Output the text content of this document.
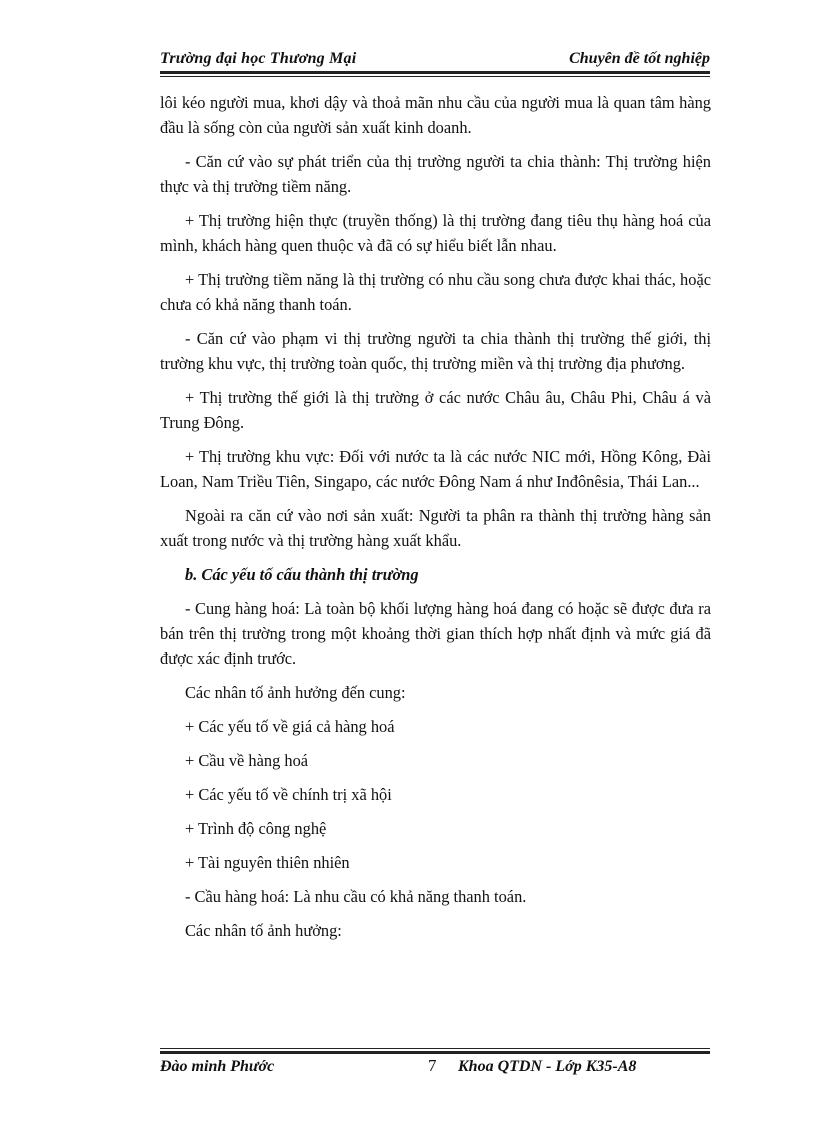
Trường đại học Thương Mại	Chuyên đề tốt nghiệp

lôi kéo người mua, khơi dậy và thoả mãn nhu cầu của người mua là quan tâm hàng đầu là sống còn của người sản xuất kinh doanh.

- Căn cứ vào sự phát triển của thị trường người ta chia thành: Thị trường hiện thực và thị trường tiềm năng.

+ Thị trường hiện thực (truyền thống) là thị trường đang tiêu thụ hàng hoá của mình, khách hàng quen thuộc và đã có sự hiểu biết lẫn nhau.

+ Thị trường tiềm năng là thị trường có nhu cầu song chưa được khai thác, hoặc chưa có khả năng thanh toán.

- Căn cứ vào phạm vi thị trường người ta chia thành thị trường thế giới, thị trường khu vực, thị trường toàn quốc, thị trường miền và thị trường địa phương.

+ Thị trường thế giới là thị trường ở các nước Châu âu, Châu Phi, Châu á và Trung Đông.

+ Thị trường khu vực: Đối với nước ta là các nước NIC mới, Hồng Kông, Đài Loan, Nam Triều Tiên, Singapo, các nước Đông Nam á như Inđônêsia, Thái Lan...

Ngoài ra căn cứ vào nơi sản xuất: Người ta phân ra thành thị trường hàng sản xuất trong nước và thị trường hàng xuất khẩu.

b. Các yếu tố cấu thành thị trường

- Cung hàng hoá: Là toàn bộ khối lượng hàng hoá đang có hoặc sẽ được đưa ra bán trên thị trường trong một khoảng thời gian thích hợp nhất định và mức giá đã được xác định trước.

Các nhân tố ảnh hưởng đến cung:

+ Các yếu tố về giá cả hàng hoá

+ Cầu về hàng hoá

+ Các yếu tố về chính trị xã hội

+ Trình độ công nghệ

+ Tài nguyên thiên nhiên

- Cầu hàng hoá: Là nhu cầu có khả năng thanh toán.

Các nhân tố ảnh hưởng:

Đào minh Phước	7 Khoa QTDN - Lớp K35-A8
